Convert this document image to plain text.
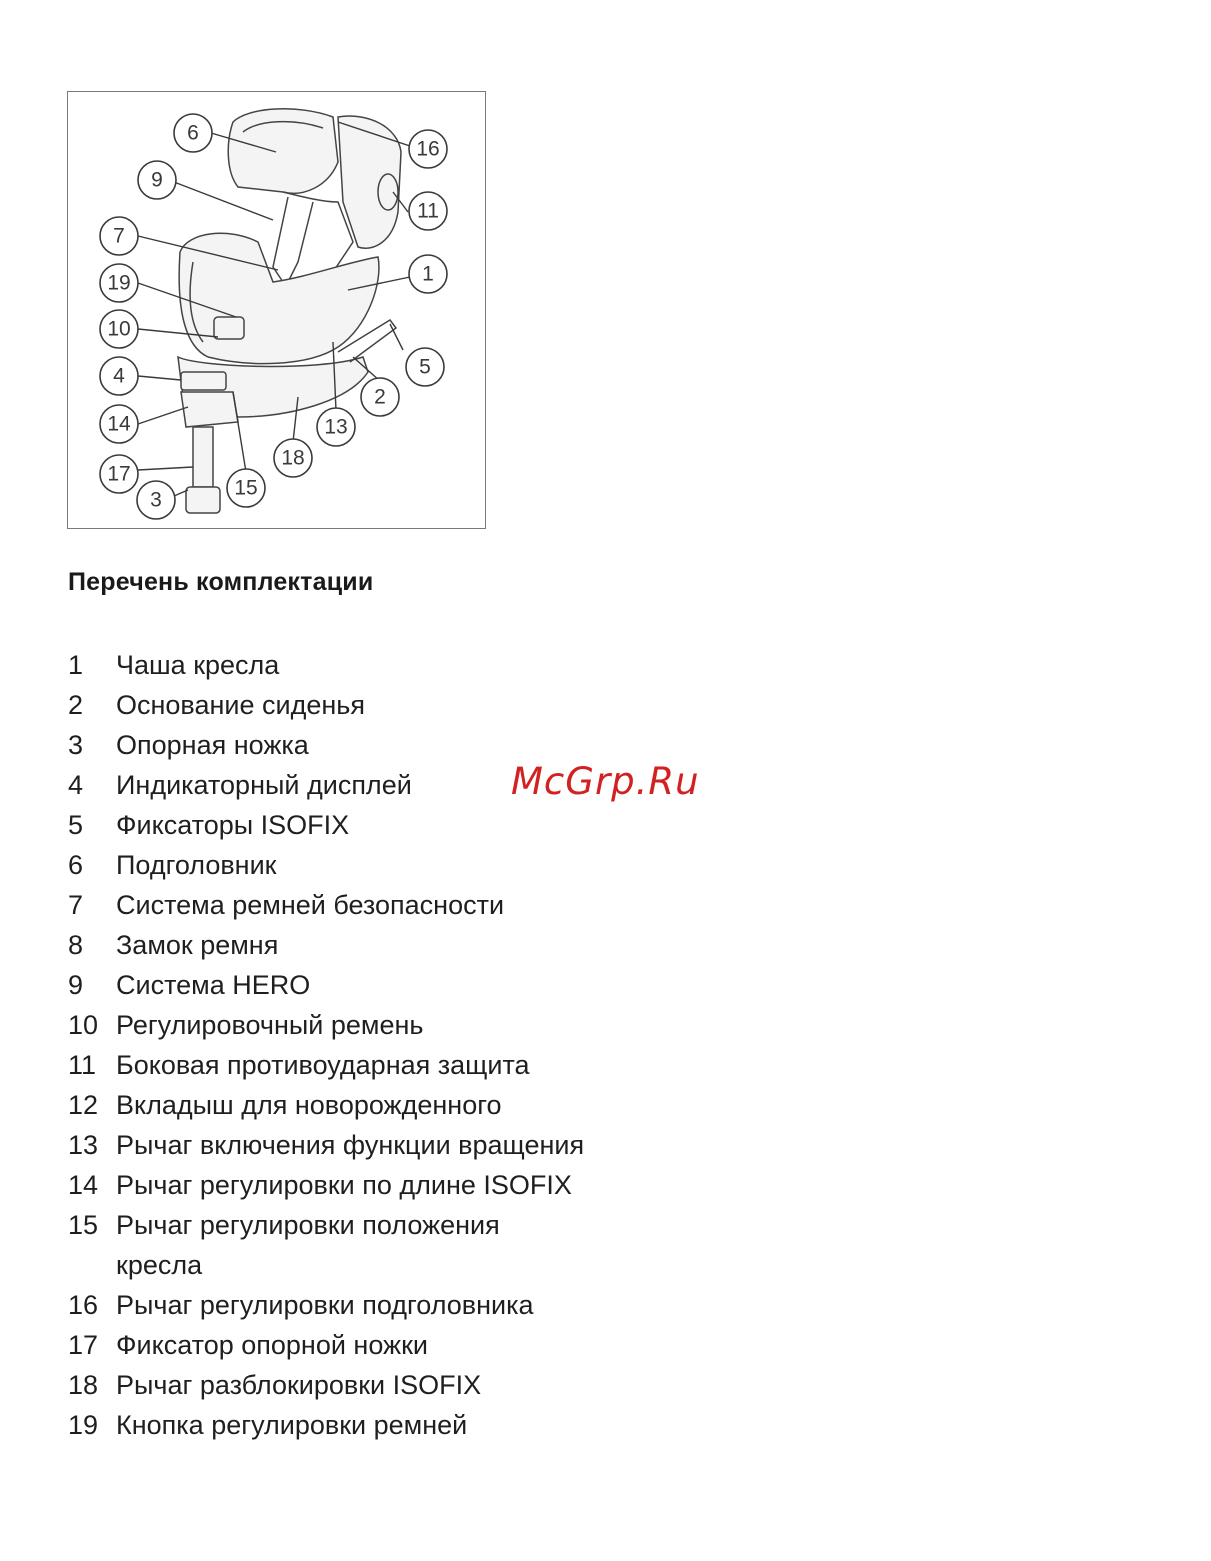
6
9
7
19
10
4
14
17
3
15
18
13
2
5
1
11
16
Перечень комплектации
1	Чаша кресла
2	Основание сиденья
3	Опорная ножка
4	Индикаторный дисплей
5	Фиксаторы ISOFIX
6	Подголовник
7	Система ремней безопасности
8	Замок ремня
9	Система HERO
10 Регулировочный ремень
11 Боковая противоударная защита
12 Вкладыш для новорожденного
13 Рычаг включения функции вращения
14 Рычаг регулировки по длине ISOFIX
15 Рычаг регулировки положения кресла
16 Рычаг регулировки подголовника
17 Фиксатор опорной ножки
18 Рычаг разблокировки ISOFIX
19 Кнопка регулировки ремней
McGrp.Ru
